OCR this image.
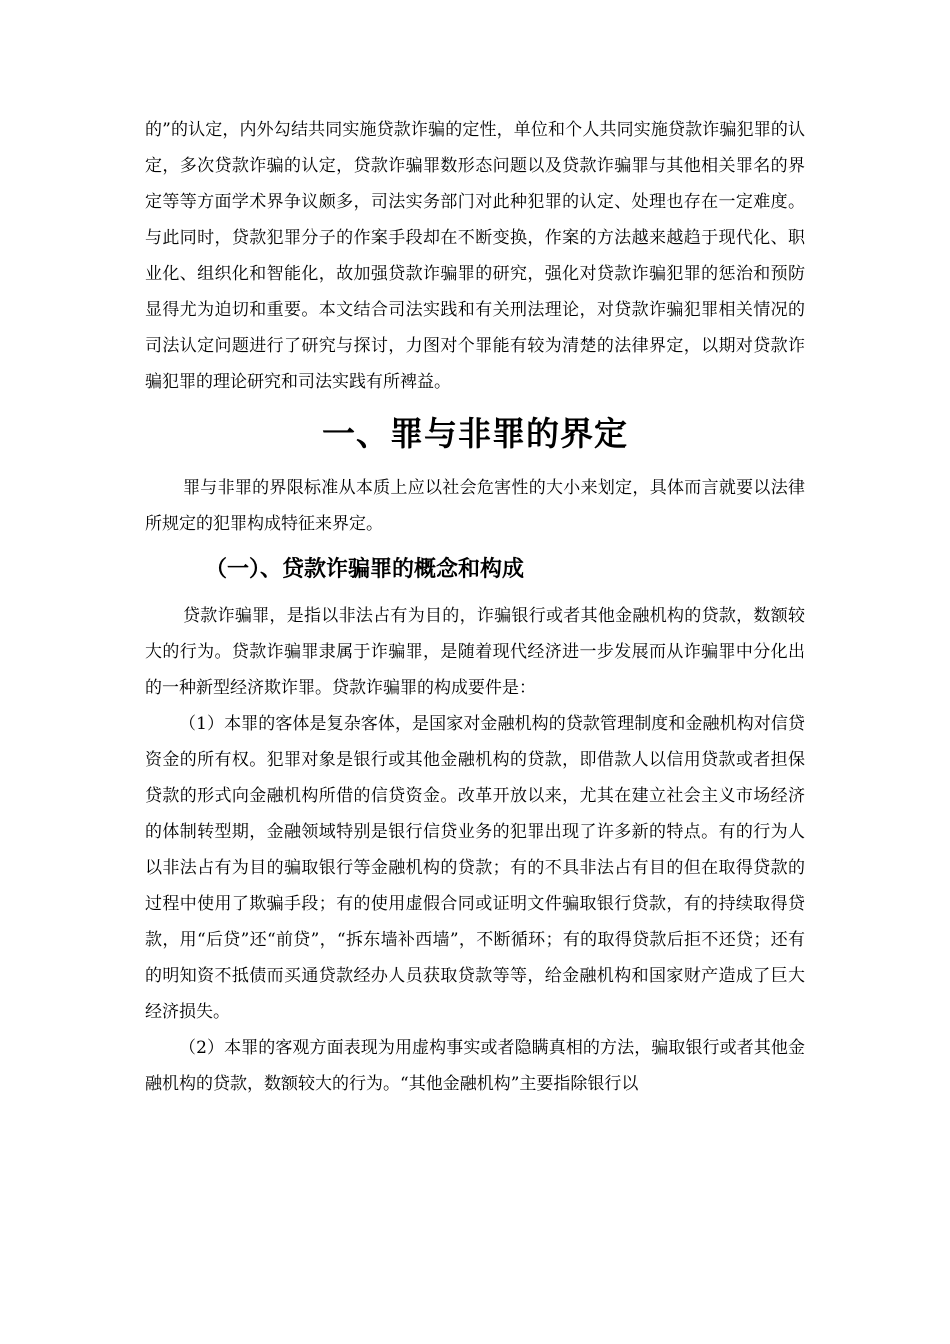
的”的认定，内外勾结共同实施贷款诈骗的定性，单位和个人共同实施贷款诈骗犯罪的认定，多次贷款诈骗的认定，贷款诈骗罪数形态问题以及贷款诈骗罪与其他相关罪名的界定等等方面学术界争议颇多，司法实务部门对此种犯罪的认定、处理也存在一定难度。与此同时，贷款犯罪分子的作案手段却在不断变换，作案的方法越来越趋于现代化、职业化、组织化和智能化，故加强贷款诈骗罪的研究，强化对贷款诈骗犯罪的惩治和预防显得尤为迫切和重要。本文结合司法实践和有关刑法理论，对贷款诈骗犯罪相关情况的司法认定问题进行了研究与探讨，力图对个罪能有较为清楚的法律界定，以期对贷款诈骗犯罪的理论研究和司法实践有所裨益。

一、罪与非罪的界定

罪与非罪的界限标准从本质上应以社会危害性的大小来划定，具体而言就要以法律所规定的犯罪构成特征来界定。

（一）、贷款诈骗罪的概念和构成

贷款诈骗罪，是指以非法占有为目的，诈骗银行或者其他金融机构的贷款，数额较大的行为。贷款诈骗罪隶属于诈骗罪，是随着现代经济进一步发展而从诈骗罪中分化出的一种新型经济欺诈罪。贷款诈骗罪的构成要件是：

（1）本罪的客体是复杂客体，是国家对金融机构的贷款管理制度和金融机构对信贷资金的所有权。犯罪对象是银行或其他金融机构的贷款，即借款人以信用贷款或者担保贷款的形式向金融机构所借的信贷资金。改革开放以来，尤其在建立社会主义市场经济的体制转型期，金融领域特别是银行信贷业务的犯罪出现了许多新的特点。有的行为人以非法占有为目的骗取银行等金融机构的贷款；有的不具非法占有目的但在取得贷款的过程中使用了欺骗手段；有的使用虚假合同或证明文件骗取银行贷款，有的持续取得贷款，用“后贷”还“前贷”，“拆东墙补西墙”，不断循环；有的取得贷款后拒不还贷；还有的明知资不抵债而买通贷款经办人员获取贷款等等，给金融机构和国家财产造成了巨大经济损失。

（2）本罪的客观方面表现为用虚构事实或者隐瞒真相的方法，骗取银行或者其他金融机构的贷款，数额较大的行为。“其他金融机构”主要指除银行以
